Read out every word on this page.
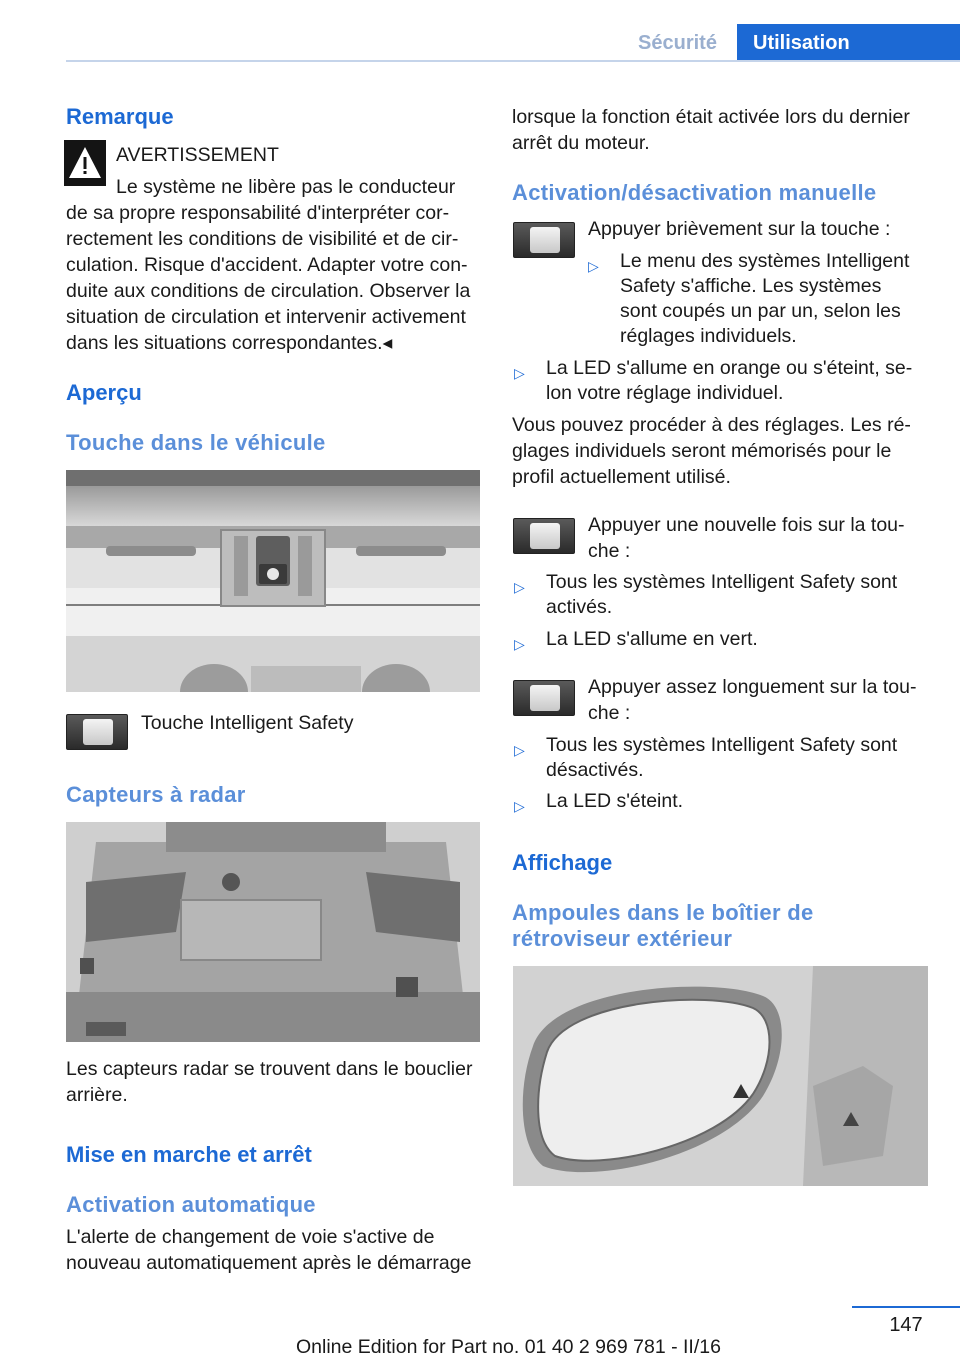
Sécurité	Utilisation
Remarque
AVERTISSEMENT
Le système ne libère pas le conducteur
de sa propre responsabilité d'interpréter cor‐
rectement les conditions de visibilité et de cir‐
culation. Risque d'accident. Adapter votre con‐
duite aux conditions de circulation. Observer la
situation de circulation et intervenir activement
dans les situations correspondantes.◂
Aperçu
Touche dans le véhicule
Touche Intelligent Safety
Capteurs à radar
Les capteurs radar se trouvent dans le bouclier
arrière.
Mise en marche et arrêt
Activation automatique
L'alerte de changement de voie s'active de
nouveau automatiquement après le démarrage
lorsque la fonction était activée lors du dernier
arrêt du moteur.
Activation/désactivation manuelle
Appuyer brièvement sur la touche :
▷ Le menu des systèmes Intelligent
Safety s'affiche. Les systèmes
sont coupés un par un, selon les
réglages individuels.
▷ La LED s'allume en orange ou s'éteint, se‐
lon votre réglage individuel.
Vous pouvez procéder à des réglages. Les ré‐
glages individuels seront mémorisés pour le
profil actuellement utilisé.
Appuyer une nouvelle fois sur la tou‐
che :
▷ Tous les systèmes Intelligent Safety sont
activés.
▷ La LED s'allume en vert.
Appuyer assez longuement sur la tou‐
che :
▷ Tous les systèmes Intelligent Safety sont
désactivés.
▷ La LED s'éteint.
Affichage
Ampoules dans le boîtier de
rétroviseur extérieur
147
Online Edition for Part no. 01 40 2 969 781 - II/16
